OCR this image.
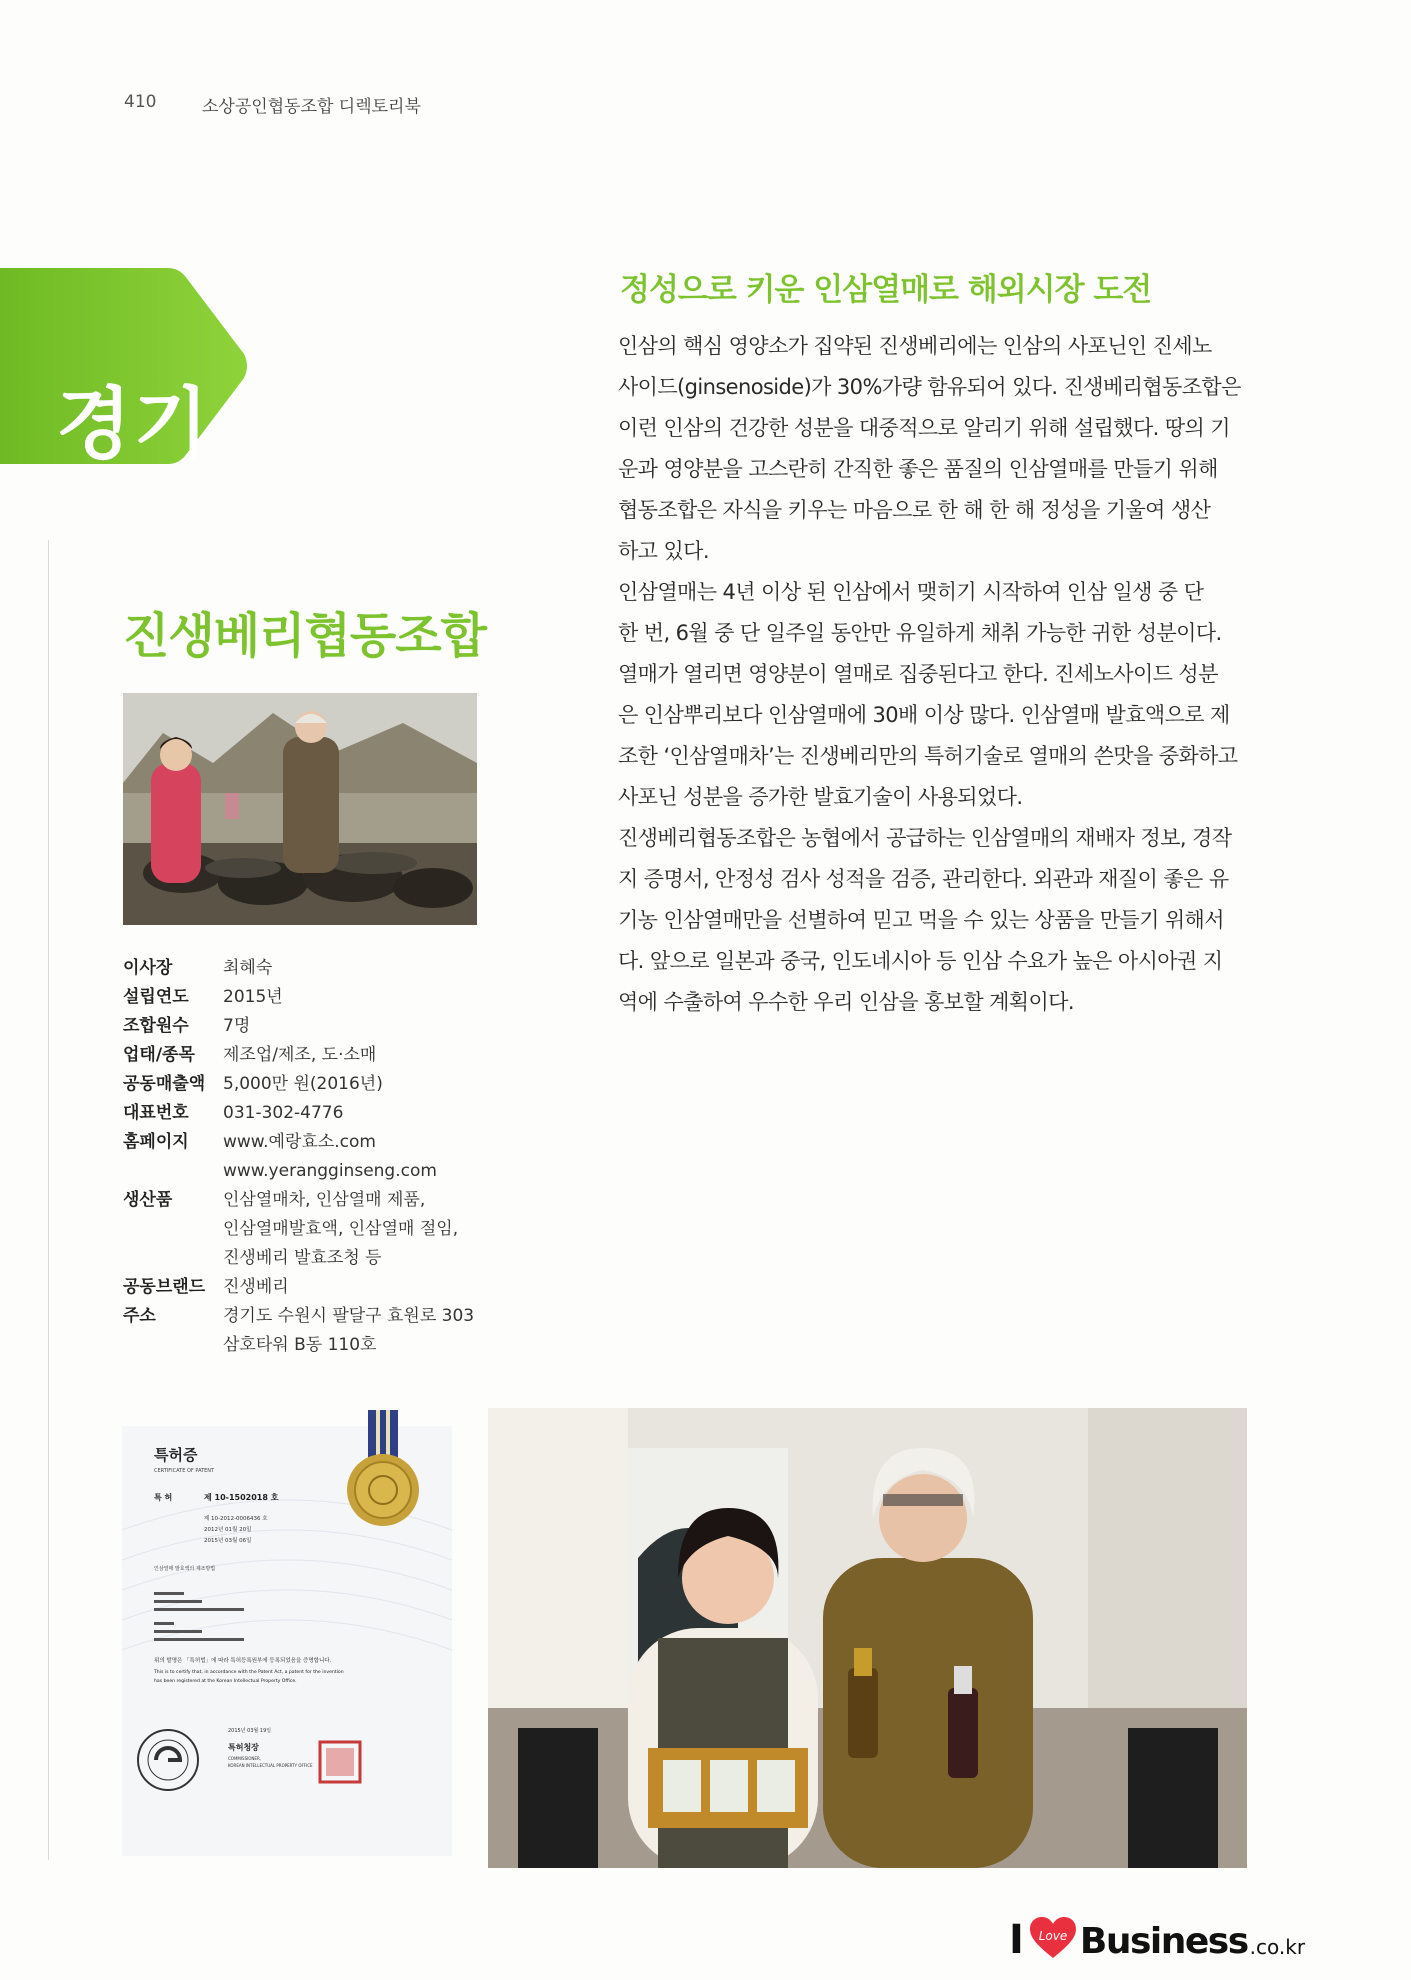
410	소상공인협동조합 디렉토리북
경기
진생베리협동조합
이사장	최혜숙
설립연도	2015년
조합원수	7명
업태/종목	제조업/제조, 도·소매
공동매출액	5,000만 원(2016년)
대표번호	031-302-4776
홈페이지	www.예랑효소.com
www.yerangginseng.com
생산품	인삼열매차, 인삼열매 제품,
인삼열매발효액, 인삼열매 절임,
진생베리 발효조청 등
공동브랜드	진생베리
주소	경기도 수원시 팔달구 효원로 303
삼호타워 B동 110호
정성으로 키운 인삼열매로 해외시장 도전
인삼의 핵심 영양소가 집약된 진생베리에는 인삼의 사포닌인 진세노
사이드(ginsenoside)가 30%가량 함유되어 있다. 진생베리협동조합은
이런 인삼의 건강한 성분을 대중적으로 알리기 위해 설립했다. 땅의 기
운과 영양분을 고스란히 간직한 좋은 품질의 인삼열매를 만들기 위해
협동조합은 자식을 키우는 마음으로 한 해 한 해 정성을 기울여 생산
하고 있다.
인삼열매는 4년 이상 된 인삼에서 맺히기 시작하여 인삼 일생 중 단
한 번, 6월 중 단 일주일 동안만 유일하게 채취 가능한 귀한 성분이다.
열매가 열리면 영양분이 열매로 집중된다고 한다. 진세노사이드 성분
은 인삼뿌리보다 인삼열매에 30배 이상 많다. 인삼열매 발효액으로 제
조한 ‘인삼열매차’는 진생베리만의 특허기술로 열매의 쓴맛을 중화하고
사포닌 성분을 증가한 발효기술이 사용되었다.
진생베리협동조합은 농협에서 공급하는 인삼열매의 재배자 정보, 경작
지 증명서, 안정성 검사 성적을 검증, 관리한다. 외관과 재질이 좋은 유
기농 인삼열매만을 선별하여 믿고 먹을 수 있는 상품을 만들기 위해서
다. 앞으로 일본과 중국, 인도네시아 등 인삼 수요가 높은 아시아권 지
역에 수출하여 우수한 우리 인삼을 홍보할 계획이다.
특허증
CERTIFICATE OF PATENT
특 허	제 10-1502018 호
제 10-2012-0006436 호
2012년 01월 20일
2015년 03월 06일
인삼열매 발효액의 제조방법
위의 발명은 「특허법」에 따라 특허등록원부에 등록되었음을 증명합니다.
This is to certify that, in accordance with the Patent Act, a patent for the invention
has been registered at the Korean Intellectual Property Office.
2015년 03월 19일
특허청장
COMMISSIONER,
KOREAN INTELLECTUAL PROPERTY OFFICE
I Love Business .co.kr
